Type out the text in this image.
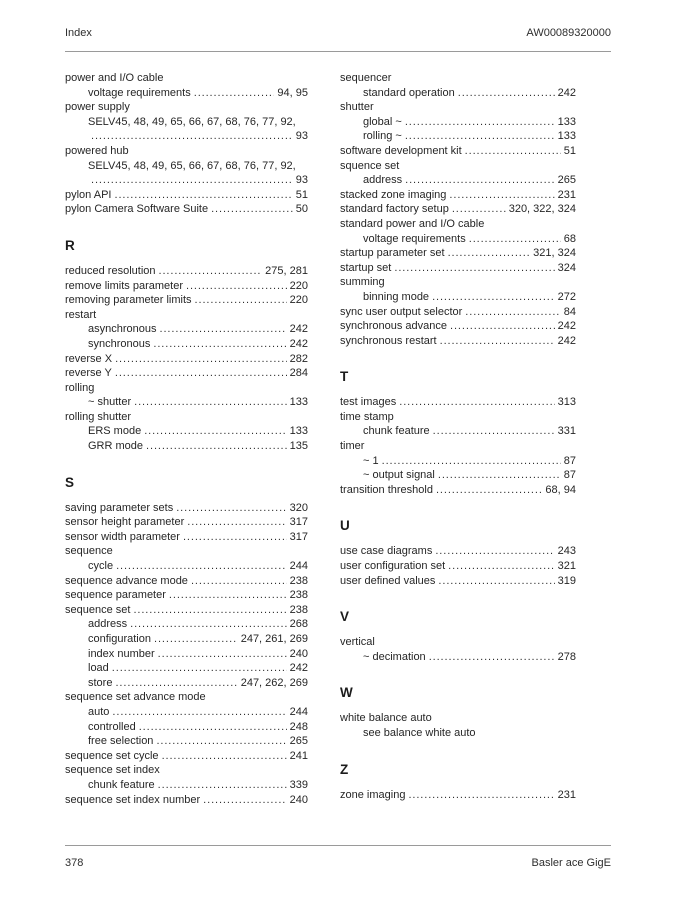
Index	AW00089320000
power and I/O cable
voltage requirements .....	94, 95
power supply
SELV45, 48, 49, 65, 66, 67, 68, 76, 77, 92,
.....
93
powered hub
SELV45, 48, 49, 65, 66, 67, 68, 76, 77, 92,
.....
93
pylon API .....	51
pylon Camera Software Suite .....	50
R
reduced resolution .....	275, 281
remove limits parameter .....	220
removing parameter limits .....	220
restart
asynchronous .....	242
synchronous .....	242
reverse X .....	282
reverse Y .....	284
rolling
~ shutter .....	133
rolling shutter
ERS mode .....	133
GRR mode .....	135
S
saving parameter sets .....	320
sensor height parameter .....	317
sensor width parameter .....	317
sequence
cycle .....	244
sequence advance mode .....	238
sequence parameter .....	238
sequence set .....	238
address .....	268
configuration .....	247, 261, 269
index number .....	240
load .....	242
store .....	247, 262, 269
sequence set advance mode
auto .....	244
controlled .....	248
free selection .....	265
sequence set cycle .....	241
sequence set index
chunk feature .....	339
sequence set index number .....	240
sequencer
standard operation .....	242
shutter
global ~ .....	133
rolling ~ .....	133
software development kit .....	51
squence set
address .....	265
stacked zone imaging .....	231
standard factory setup .....	320, 322, 324
standard power and I/O cable
voltage requirements .....	68
startup parameter set .....	321, 324
startup set .....	324
summing
binning mode .....	272
sync user output selector .....	84
synchronous advance .....	242
synchronous restart .....	242
T
test images .....	313
time stamp
chunk feature .....	331
timer
~ 1 .....	87
~ output signal .....	87
transition threshold .....	68, 94
U
use case diagrams .....	243
user configuration set .....	321
user defined values .....	319
V
vertical
~ decimation .....	278
W
white balance auto
see balance white auto
Z
zone imaging .....	231
378	Basler ace GigE
